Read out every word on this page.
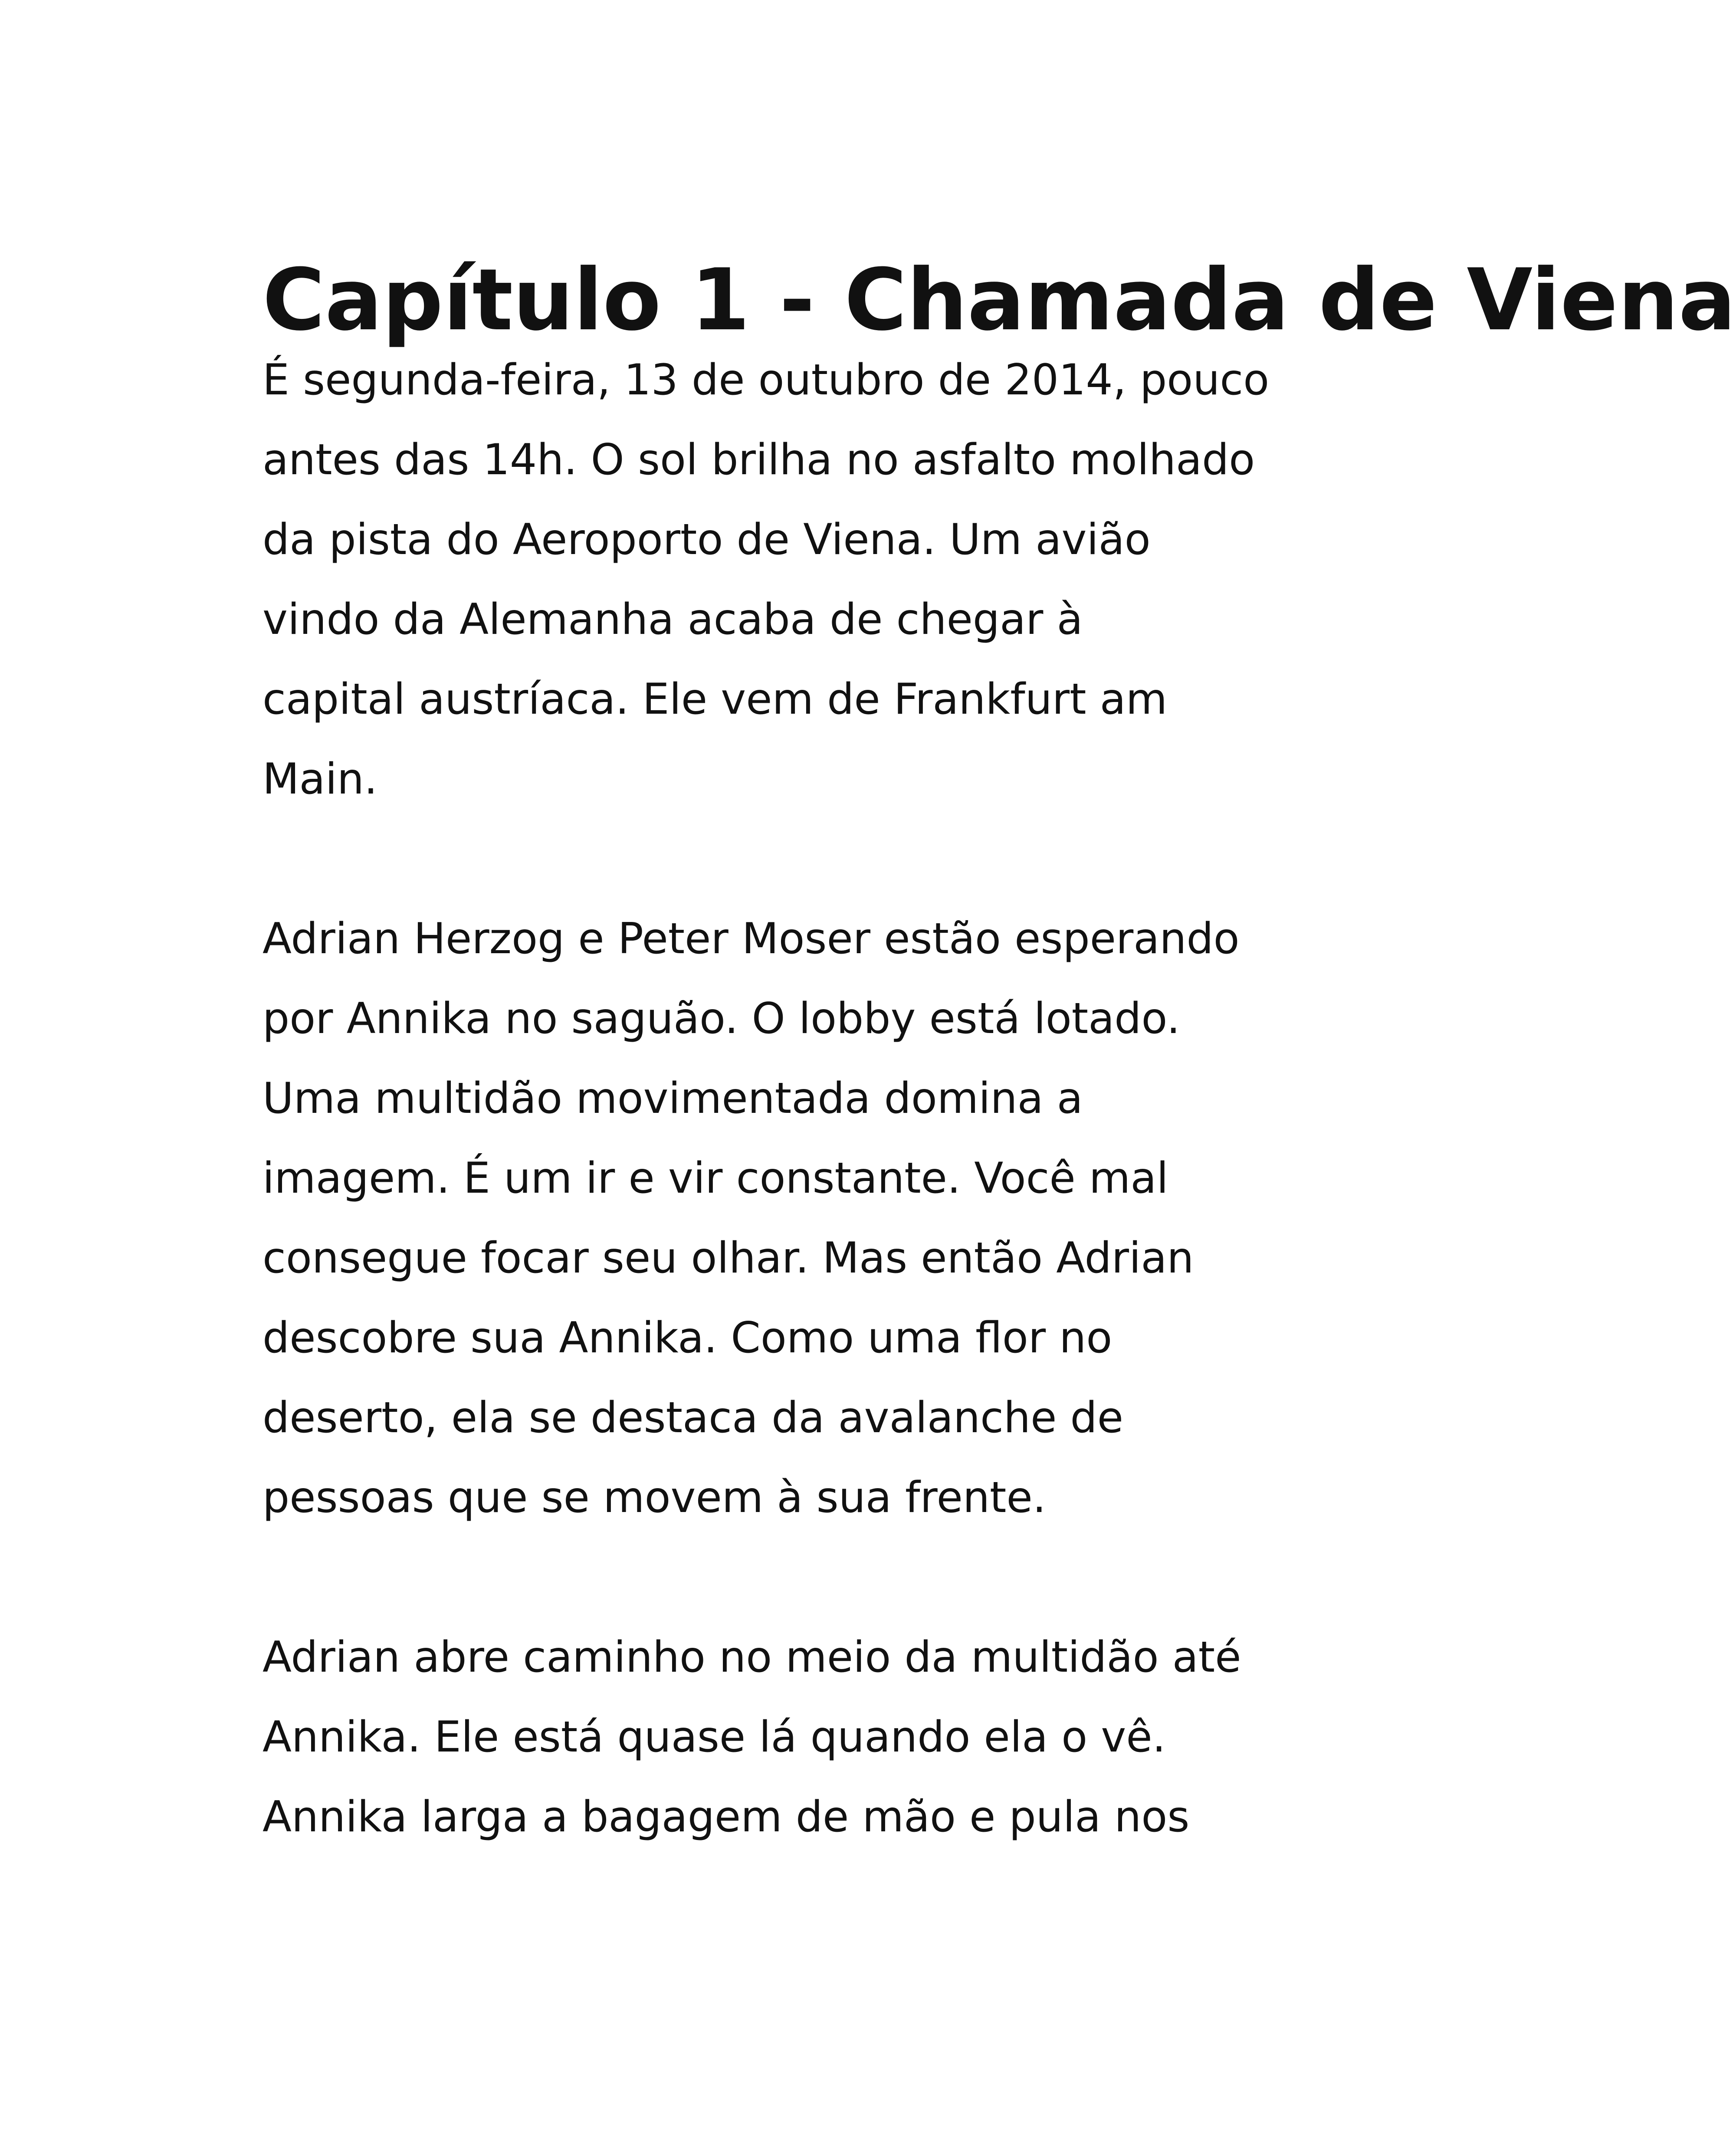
Capítulo 1 - Chamada de Viena

É segunda-feira, 13 de outubro de 2014, pouco
antes das 14h. O sol brilha no asfalto molhado
da pista do Aeroporto de Viena. Um avião
vindo da Alemanha acaba de chegar à
capital austríaca. Ele vem de Frankfurt am
Main.

Adrian Herzog e Peter Moser estão esperando
por Annika no saguão. O lobby está lotado.
Uma multidão movimentada domina a
imagem. É um ir e vir constante. Você mal
consegue focar seu olhar. Mas então Adrian
descobre sua Annika. Como uma flor no
deserto, ela se destaca da avalanche de
pessoas que se movem à sua frente.

Adrian abre caminho no meio da multidão até
Annika. Ele está quase lá quando ela o vê.
Annika larga a bagagem de mão e pula nos
